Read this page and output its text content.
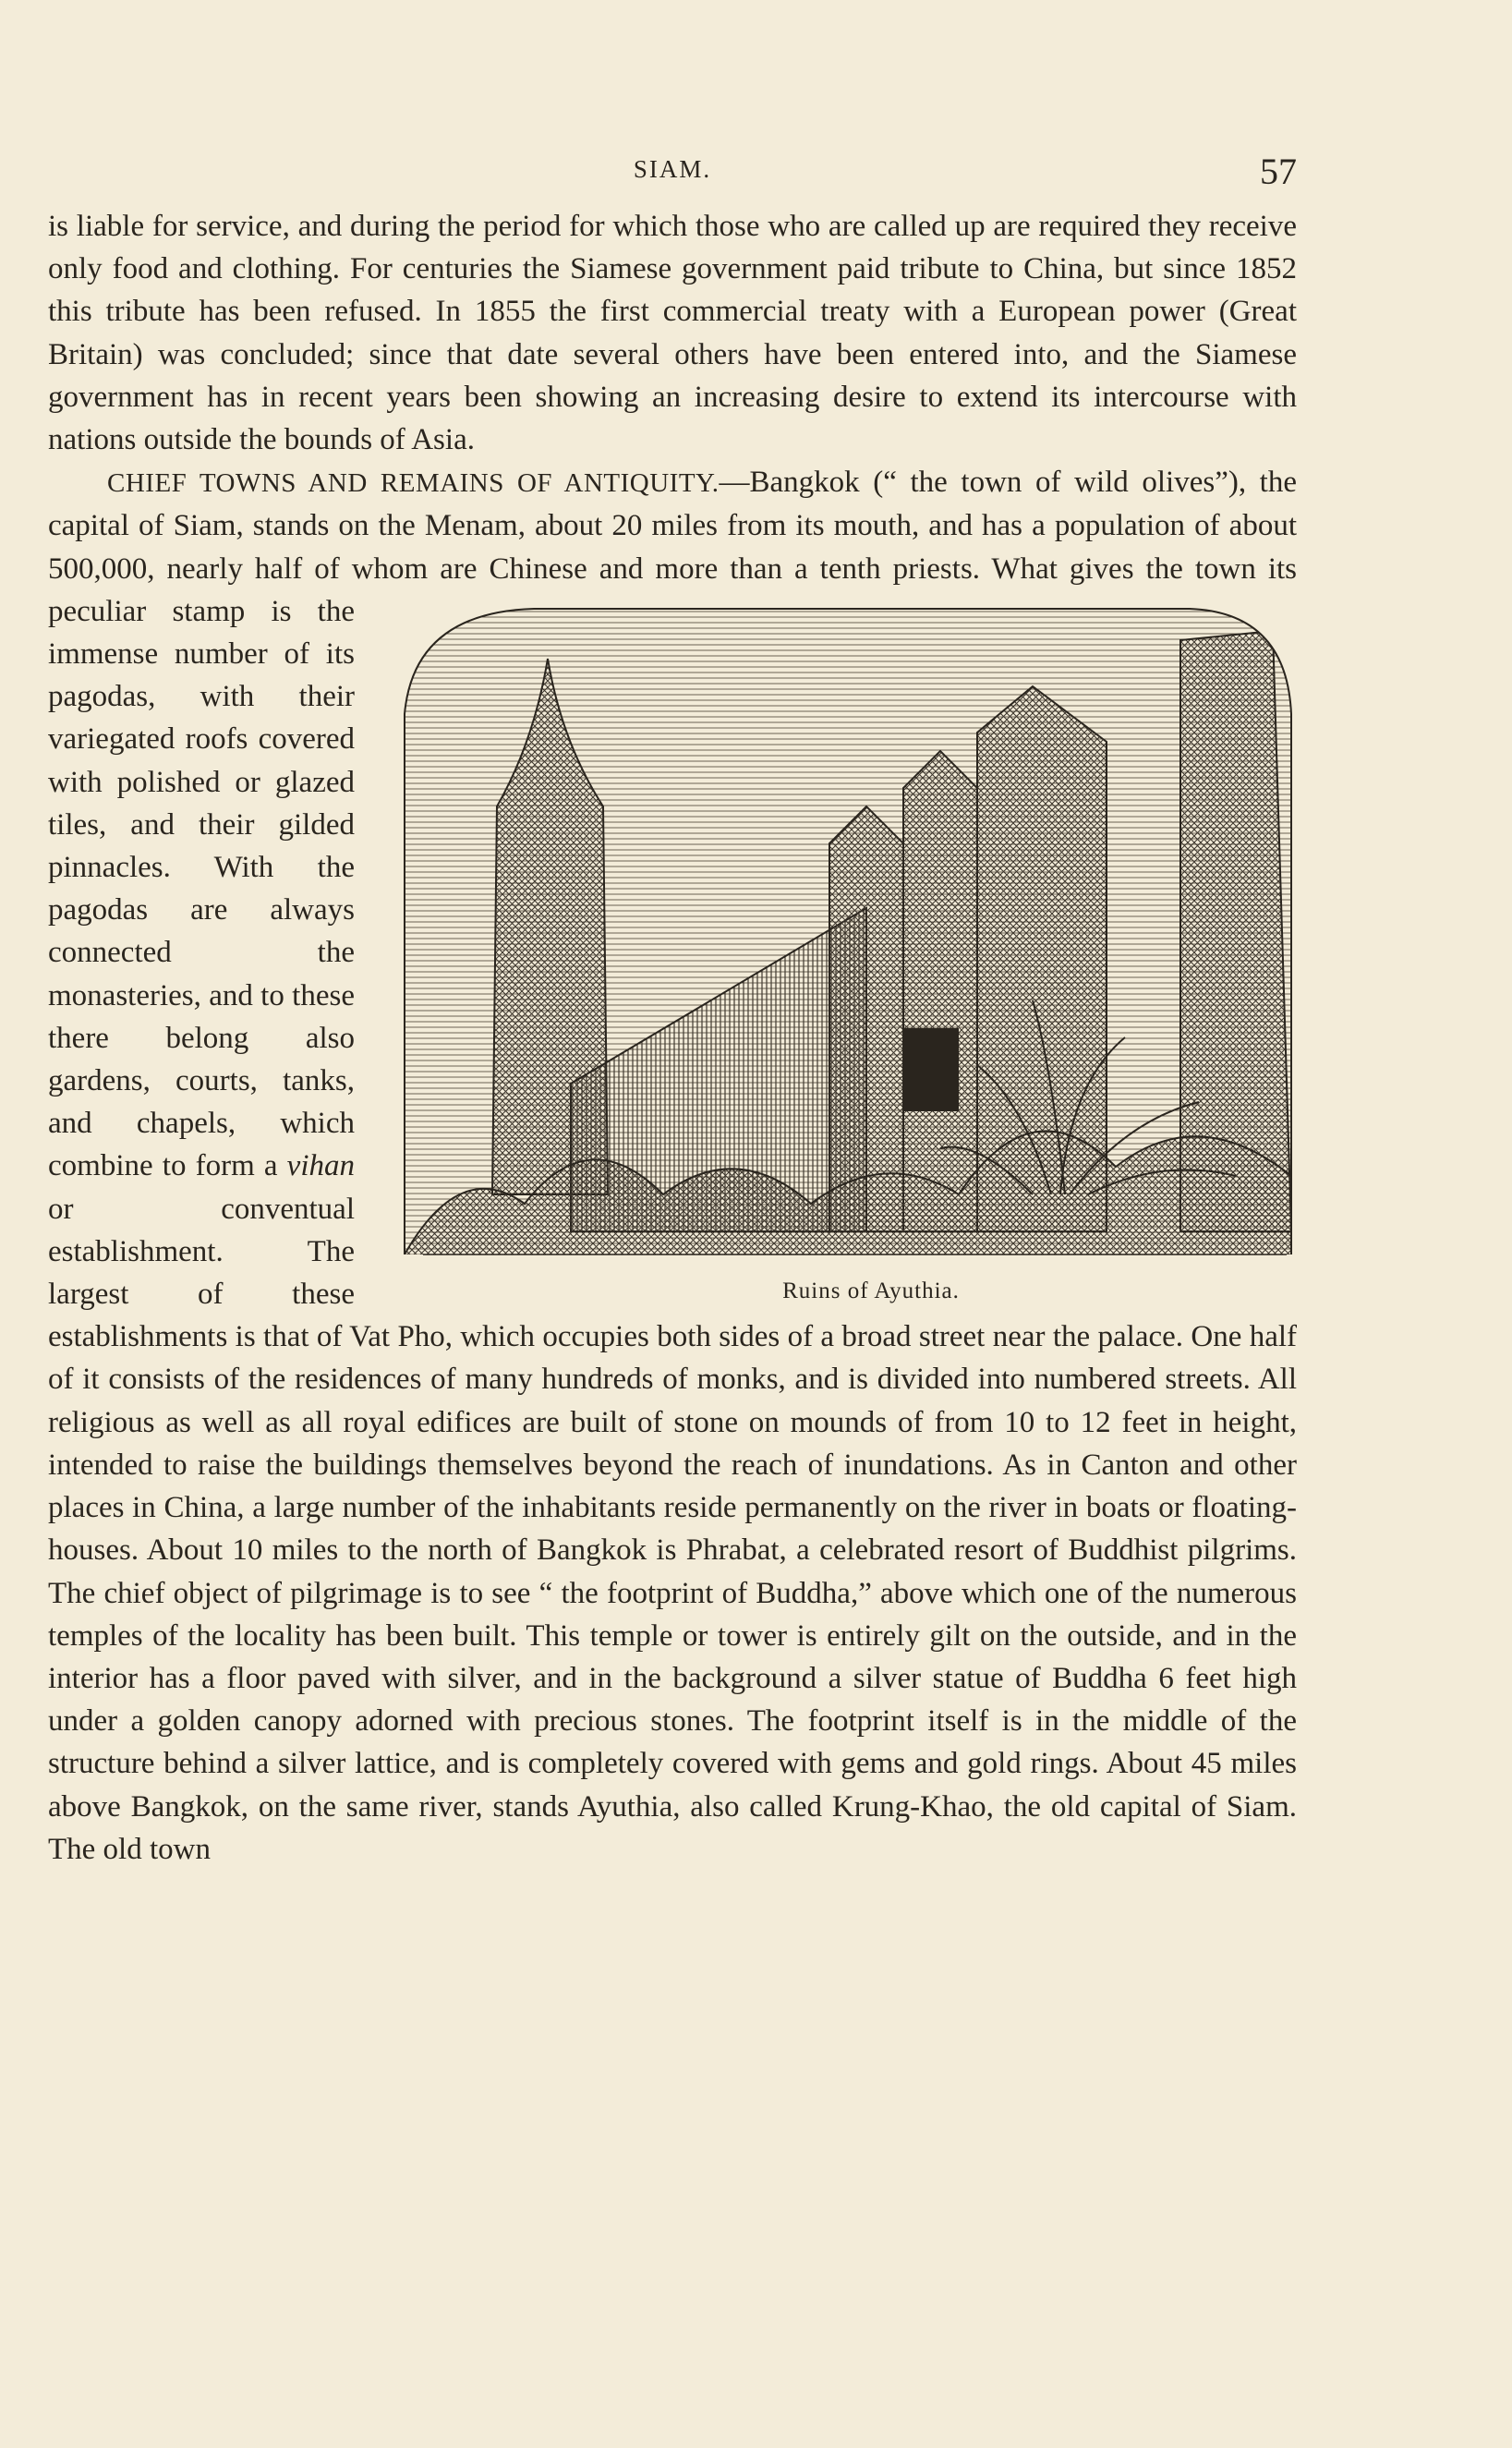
SIAM.	57

is liable for service, and during the period for which those who are called up are required they receive only food and clothing. For centuries the Siamese government paid tribute to China, but since 1852 this tribute has been refused. In 1855 the first commercial treaty with a European power (Great Britain) was concluded; since that date several others have been entered into, and the Siamese government has in recent years been showing an increasing desire to extend its intercourse with nations outside the bounds of Asia.

CHIEF TOWNS AND REMAINS OF ANTIQUITY.—Bangkok (“ the town of wild olives”), the capital of Siam, stands on the Menam, about 20 miles from its mouth, and has a population of about 500,000, nearly half of whom are Chinese
Ruins of Ayuthia.
and more than a tenth priests. What gives the town its peculiar stamp is the immense number of its pagodas, with their variegated roofs covered with polished or glazed tiles, and their gilded pinnacles. With the pagodas are always connected the monasteries, and to these there belong also gardens, courts, tanks, and chapels, which combine to form a vihan or conventual establishment. The largest of these establishments is that of Vat Pho, which occupies both sides of a broad street near the palace. One half of it consists of the residences of many hundreds of monks, and is divided into numbered streets. All religious as well as all royal edifices are built of stone on mounds of from 10 to 12 feet in height, intended to raise the buildings themselves beyond the reach of inundations. As in Canton and other places in China, a large number of the inhabitants reside permanently on the river in boats or floating-houses. About 10 miles to the north of Bangkok is Phrabat, a celebrated resort of Buddhist pilgrims. The chief object of pilgrimage is to see “ the footprint of Buddha,” above which one of the numerous temples of the locality has been built. This temple or tower is entirely gilt on the outside, and in the interior has a floor paved with silver, and in the background a silver statue of Buddha 6 feet high under a golden canopy adorned with precious stones. The footprint itself is in the middle of the structure behind a silver lattice, and is completely covered with gems and gold rings. About 45 miles above Bangkok, on the same river, stands Ayuthia, also called Krung-Khao, the old capital of Siam. The old town
